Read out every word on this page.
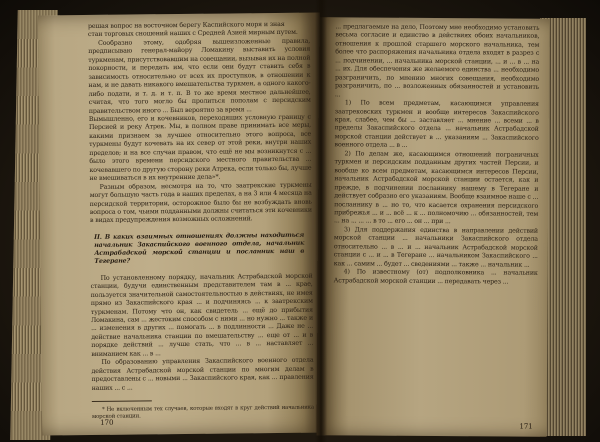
решая вопрос на восточном берегу Каспийского моря и зная

стан торговых сношений наших с Средней Азией мирным путем.

Сообразно этому, одобряя вышеизложенные правила, предписываю генерал-майору Ломакину выставить условия туркменам, присутствовавшим на совещании, вызывая их на полной покорности, и передать им, что если они будут ставить себя в зависимость относительно от всех их проступков, в отношении к нам, и не давать никакого вмешательства туркмен, а одного какого-либо подати, и т. д. и т. п. В то же время местное дальнейшее, считая, что того могло бы пролиться пополам с персидским правительством иного ... Был вероятно за время ...

Вымышленно, его и кочевников, переходящих условную границу с Персией и реку Атрек. Мы, в полном праве принимать все меры, какими признаем за лучшее относительно этого вопроса, все туркмены будут кочевать на их север от этой реки, внутри наших пределов; и на все случаи правом, что ещё не мы возникнутся с ... было этого времени персидского местного правительства ... кочевавшего по другую сторону реки Атрека, если только бы, лучше не вмешиваться в их внутренние дела»*.

Разным образом, несмотря на то, что заатрекские туркмены могут большую часть года в наших пределах, а на 3 или 4 месяца на персидской территории, осторожное было бы не возбуждать вновь вопроса о том, чьими подданными должны считаться эти кочевники в видах предупреждения возможных осложнений.

II. В каких взаимных отношениях должны находиться начальник Закаспийского военного отдела, начальник Астрабадской морской станции и посланник наш в Тегеране?

По установленному порядку, начальник Астрабадской морской станции, будучи единственным представителем там в ... крае, пользуется значительной самостоятельностью в действиях, не имея прямо из Закаспийского края ... и подчиняясь ... к заатрекским туркменам. Потому что он, как свидетель ... ещё до прибытия Ломакина, сам ... жестоким способом с ними ... но нужно ... также и ... изменения в других ... помогать ... в подлинности ... Даже не ... действие начальника станции по вмешательству ... еще от ... и в порядке действий ... лучше стать, что ... в ... наставляет ... вниманием как ... в ...

По образованию управления Закаспийского военного отдела действия Астрабадской морской станции по многим делам в предоставлены с ... новыми ... Закаспийского края, как ... правления наших ... с ...

* Не включенным тех случаев, которые входят в круг действий начальника морской станции.

170

... предлагаемые на дело, Поэтому мне необходимо установить весьма согласие и единство в действиях обоих начальников, отношения к прошлой старшего морского начальника, тем более что распоряжения начальника отдела входят в разрез с ... подчинении, ... начальника морской станции, ... и ... в ... на ... их. Для обеспечения же желаемого единства ... необходимо разграничить, по мнению многих совещания, необходимо разграничить, по ... возложенных обязанностей и установить ...

1) По всем предметам, касающимся управления заатрековских туркмен и вообще интересов Закаспийского края, слабее, чем бы ... заставляет ... мнение ... всеми ... в пределы Закаспийского отдела ... начальник Астрабадской морской станции действует в ... указаниям ... Закаспийского военного отдела ... в ...

2) По делам же, касающимся отношений пограничных туркмен и персидским подданным других частей Персии, и вообще ко всем предметам, касающимся интересов Персии, начальник Астрабадской морской станции остается, как и прежде, в подчинении посланнику нашему в Тегеране и действует собразно его указаниям. Вообще взаимное наше с ... посланнику в ... но то, что касается охранения персидского прибрежья ... и ... всё ... к ... полномочию ... обязанностей, тем ... на ... ... ... в то ... его ... он ... при ...

3) Для поддержания единства в направлении действий морской станции ... начальники Закаспийского отдела относительно ... в ... и ... начальник Астрабадской морской станции с ... и ... в Тегеране ... начальником Закаспийского ... как ... самим ... будет ... сведениями ... также ... начальник ...

4) По известному (от) подполковника ... начальник Астрабадской морской станции ... передавать через ...

171
